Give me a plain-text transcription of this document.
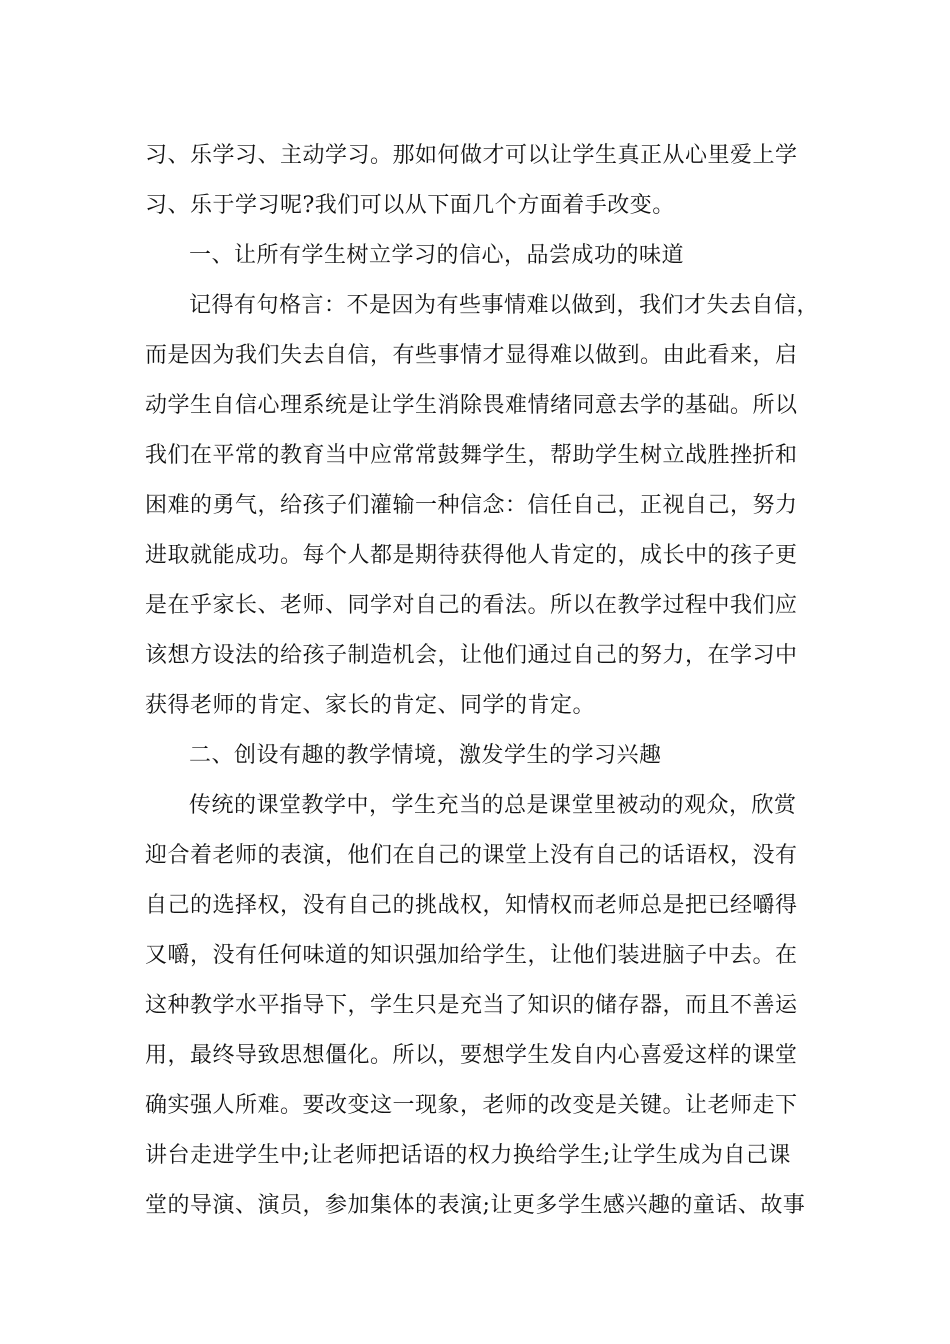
习、乐学习、主动学习。那如何做才可以让学生真正从心里爱上学
习、乐于学习呢?我们可以从下面几个方面着手改变。
一、让所有学生树立学习的信心，品尝成功的味道
记得有句格言：不是因为有些事情难以做到，我们才失去自信，
而是因为我们失去自信，有些事情才显得难以做到。由此看来，启
动学生自信心理系统是让学生消除畏难情绪同意去学的基础。所以
我们在平常的教育当中应常常鼓舞学生，帮助学生树立战胜挫折和
困难的勇气，给孩子们灌输一种信念：信任自己，正视自己，努力
进取就能成功。每个人都是期待获得他人肯定的，成长中的孩子更
是在乎家长、老师、同学对自己的看法。所以在教学过程中我们应
该想方设法的给孩子制造机会，让他们通过自己的努力，在学习中
获得老师的肯定、家长的肯定、同学的肯定。
二、创设有趣的教学情境，激发学生的学习兴趣
传统的课堂教学中，学生充当的总是课堂里被动的观众，欣赏
迎合着老师的表演，他们在自己的课堂上没有自己的话语权，没有
自己的选择权，没有自己的挑战权，知情权而老师总是把已经嚼得
又嚼，没有任何味道的知识强加给学生，让他们装进脑子中去。在
这种教学水平指导下，学生只是充当了知识的储存器，而且不善运
用，最终导致思想僵化。所以，要想学生发自内心喜爱这样的课堂
确实强人所难。要改变这一现象，老师的改变是关键。让老师走下
讲台走进学生中;让老师把话语的权力换给学生;让学生成为自己课
堂的导演、演员，参加集体的表演;让更多学生感兴趣的童话、故事
